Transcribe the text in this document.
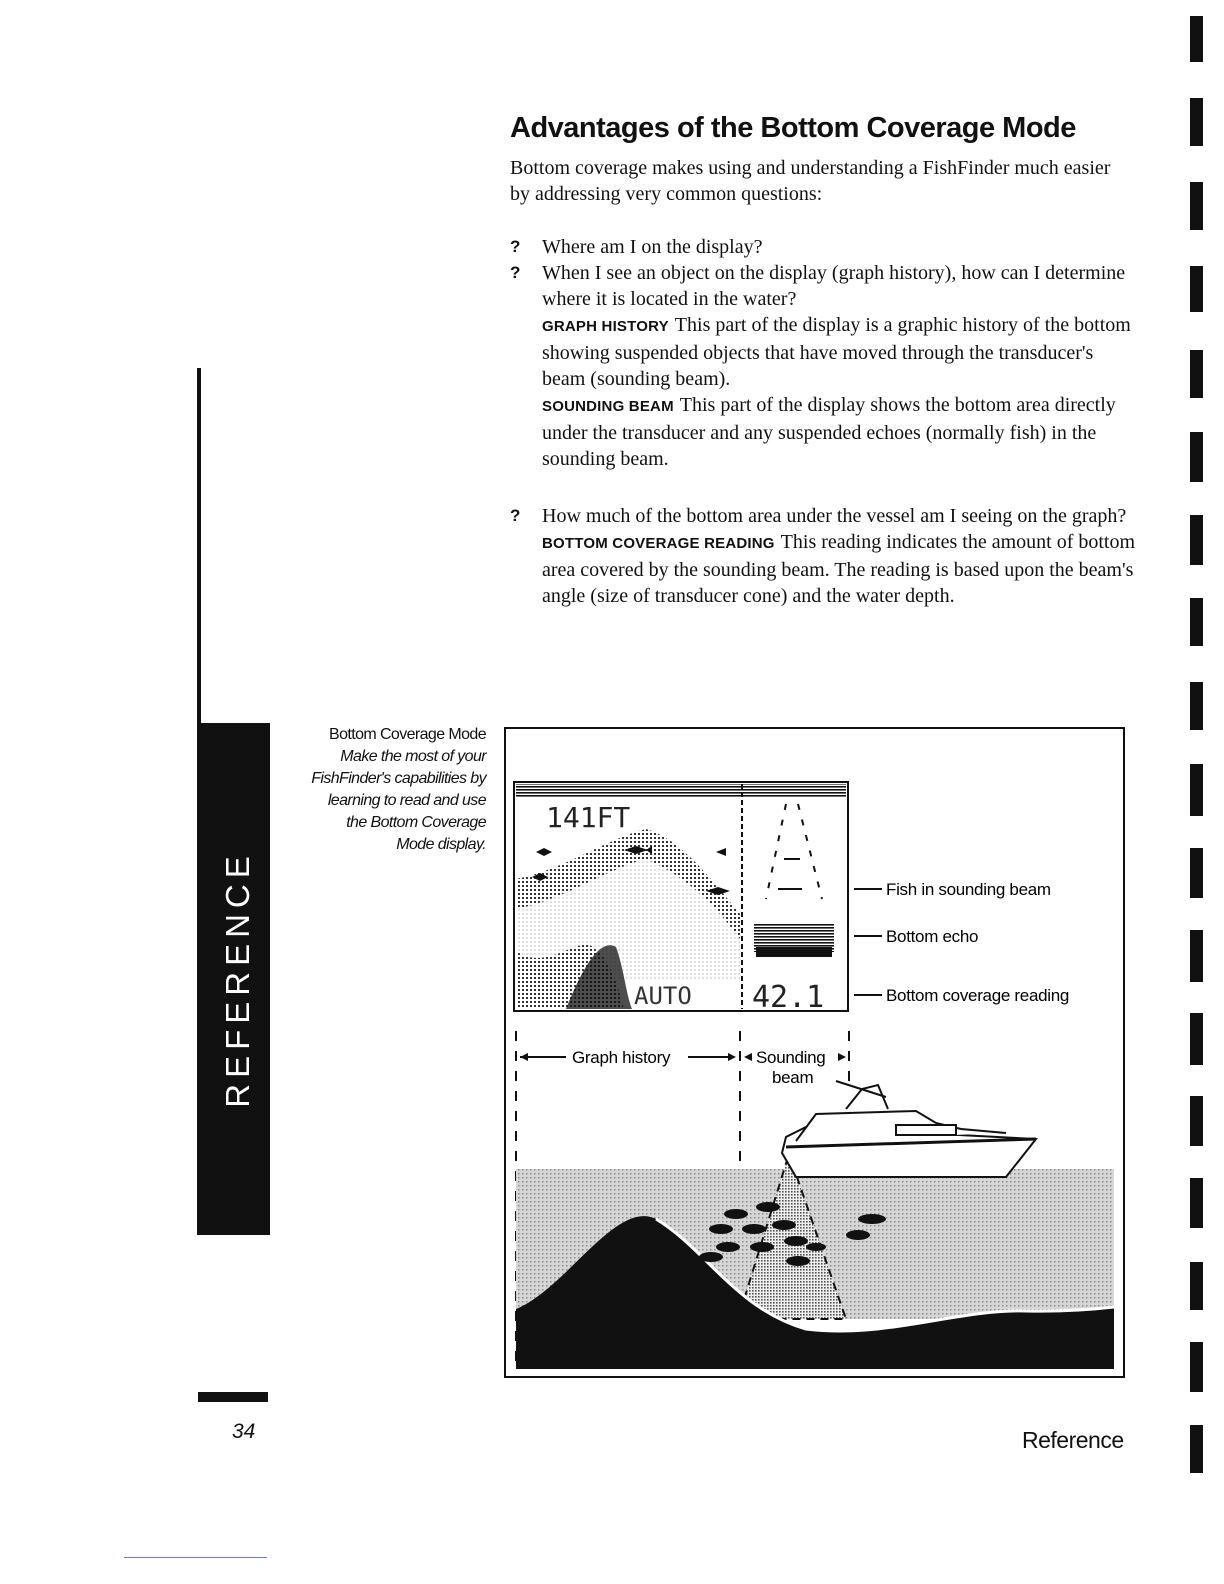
REFERENCE
Advantages of the Bottom Coverage Mode

Bottom coverage makes using and understanding a FishFinder much easier by addressing very common questions:

? Where am I on the display?

? When I see an object on the display (graph history), how can I determine where it is located in the water?

GRAPH HISTORY This part of the display is a graphic history of the bottom showing suspended objects that have moved through the transducer's beam (sounding beam).

SOUNDING BEAM This part of the display shows the bottom area directly under the transducer and any suspended echoes (normally fish) in the sounding beam.

? How much of the bottom area under the vessel am I seeing on the graph?

BOTTOM COVERAGE READING This reading indicates the amount of bottom area covered by the sounding beam. The reading is based upon the beam's angle (size of transducer cone) and the water depth.

Bottom Coverage Mode
Make the most of your
FishFinder's capabilities by
learning to read and use
the Bottom Coverage
Mode display.
141FT
AUTO 42.1
Fish in sounding beam
Bottom echo
Bottom coverage reading
Graph history	Sounding
beam

34	Reference
